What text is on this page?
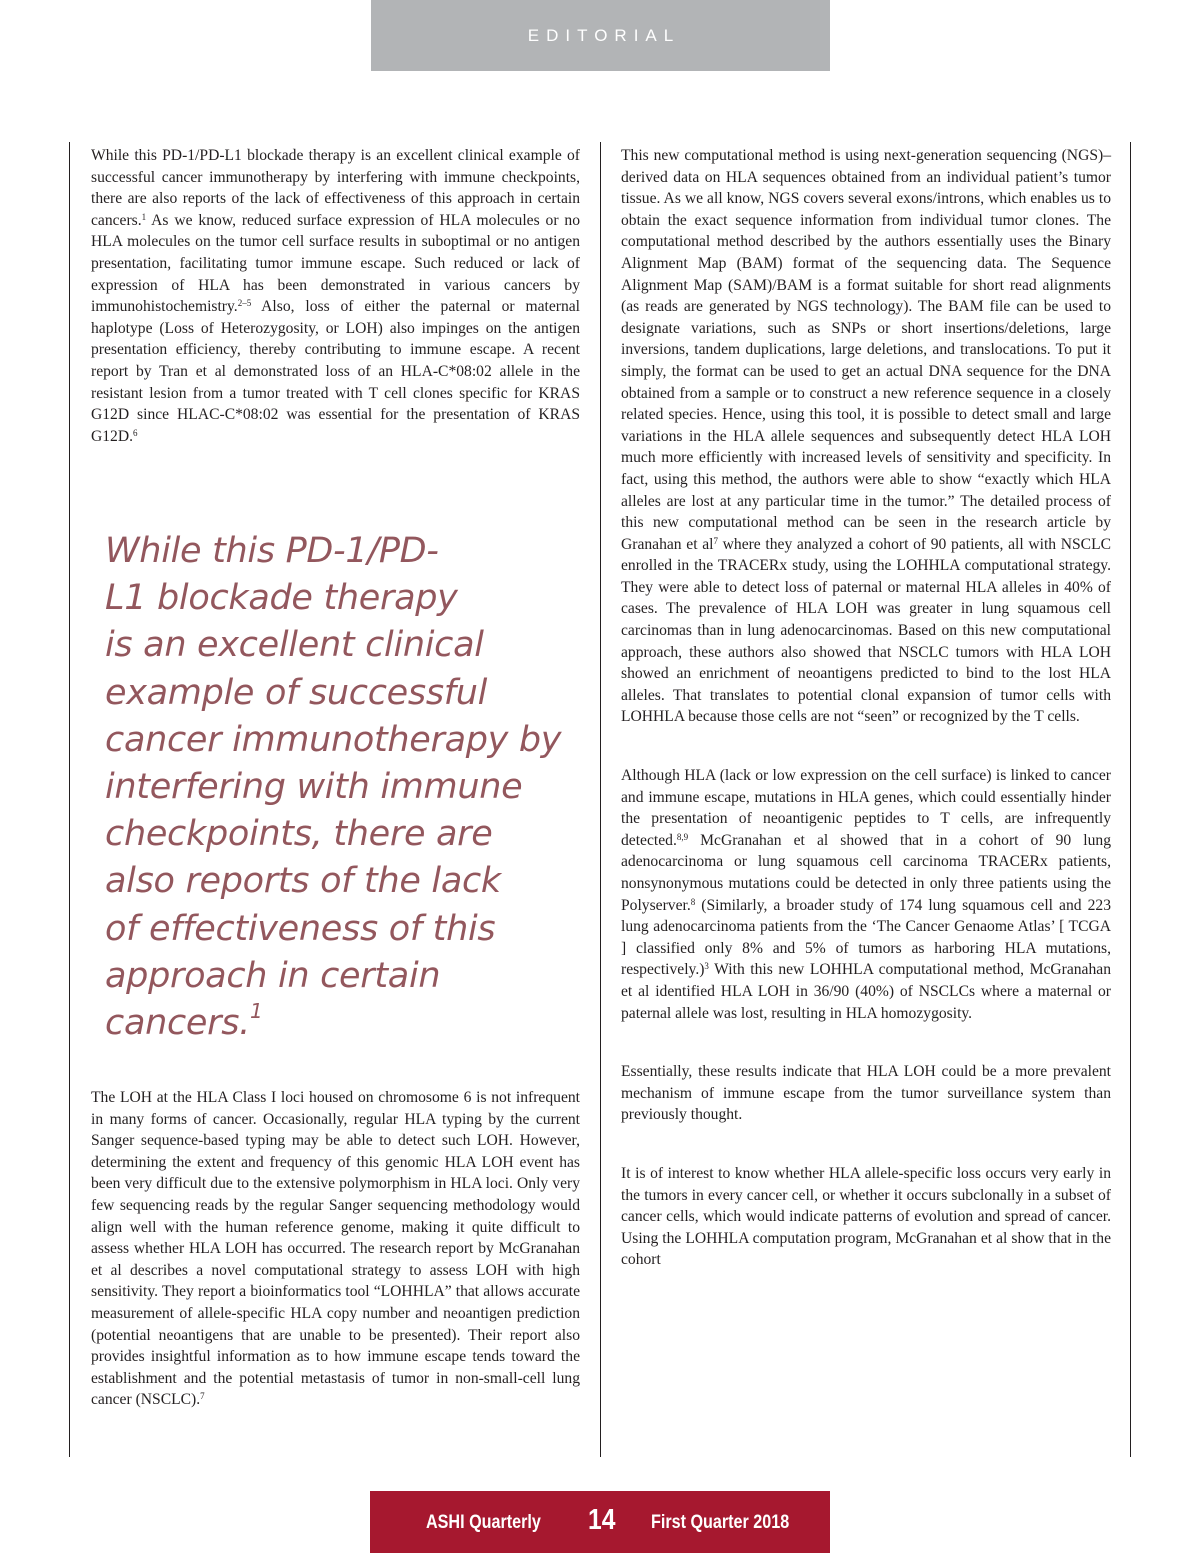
EDITORIAL

While this PD-1/PD-L1 blockade therapy is an excellent clinical example of successful cancer immunotherapy by interfering with immune checkpoints, there are also reports of the lack of effectiveness of this approach in certain cancers.$^1$ As we know, reduced surface expression of HLA molecules or no HLA molecules on the tumor cell surface results in suboptimal or no antigen presentation, facilitating tumor immune escape. Such reduced or lack of expression of HLA has been demonstrated in various cancers by immunohistochemistry.$^{2-5}$ Also, loss of either the paternal or maternal haplotype (Loss of Heterozygosity, or LOH) also impinges on the antigen presentation efficiency, thereby contributing to immune escape. A recent report by Tran et al demonstrated loss of an HLA-C*08:02 allele in the resistant lesion from a tumor treated with T cell clones specific for KRAS G12D since HLAC-C*08:02 was essential for the presentation of KRAS G12D.$^6$

While this PD-1/PD-
L1 blockade therapy
is an excellent clinical
example of successful
cancer immunotherapy by
interfering with immune
checkpoints, there are
also reports of the lack
of effectiveness of this
approach in certain
cancers.$^1$

The LOH at the HLA Class I loci housed on chromosome 6 is not infrequent in many forms of cancer. Occasionally, regular HLA typing by the current Sanger sequence-based typing may be able to detect such LOH. However, determining the extent and frequency of this genomic HLA LOH event has been very difficult due to the extensive polymorphism in HLA loci. Only very few sequencing reads by the regular Sanger sequencing methodology would align well with the human reference genome, making it quite difficult to assess whether HLA LOH has occurred. The research report by McGranahan et al describes a novel computational strategy to assess LOH with high sensitivity. They report a bioinformatics tool “LOHHLA” that allows accurate measurement of allele-specific HLA copy number and neoantigen prediction (potential neoantigens that are unable to be presented). Their report also provides insightful information as to how immune escape tends toward the establishment and the potential metastasis of tumor in non-small-cell lung cancer (NSCLC).$^7$

This new computational method is using next-generation sequencing (NGS)–derived data on HLA sequences obtained from an individual patient’s tumor tissue. As we all know, NGS covers several exons/introns, which enables us to obtain the exact sequence information from individual tumor clones. The computational method described by the authors essentially uses the Binary Alignment Map (BAM) format of the sequencing data. The Sequence Alignment Map (SAM)/BAM is a format suitable for short read alignments (as reads are generated by NGS technology). The BAM file can be used to designate variations, such as SNPs or short insertions/deletions, large inversions, tandem duplications, large deletions, and translocations. To put it simply, the format can be used to get an actual DNA sequence for the DNA obtained from a sample or to construct a new reference sequence in a closely related species. Hence, using this tool, it is possible to detect small and large variations in the HLA allele sequences and subsequently detect HLA LOH much more efficiently with increased levels of sensitivity and specificity. In fact, using this method, the authors were able to show “exactly which HLA alleles are lost at any particular time in the tumor.” The detailed process of this new computational method can be seen in the research article by Granahan et $al^7$ where they analyzed a cohort of 90 patients, all with NSCLC enrolled in the TRACERx study, using the LOHHLA computational strategy. They were able to detect loss of paternal or maternal HLA alleles in 40% of cases. The prevalence of HLA LOH was greater in lung squamous cell carcinomas than in lung adenocarcinomas. Based on this new computational approach, these authors also showed that NSCLC tumors with HLA LOH showed an enrichment of neoantigens predicted to bind to the lost HLA alleles. That translates to potential clonal expansion of tumor cells with LOHHLA because those cells are not “seen” or recognized by the T cells.

Although HLA (lack or low expression on the cell surface) is linked to cancer and immune escape, mutations in HLA genes, which could essentially hinder the presentation of neoantigenic peptides to T cells, are infrequently detected.$^{8,9}$ McGranahan et al showed that in a cohort of 90 lung adenocarcinoma or lung squamous cell carcinoma TRACERx patients, nonsynonymous mutations could be detected in only three patients using the Polyserver.$^8$ (Similarly, a broader study of 174 lung squamous cell and 223 lung adenocarcinoma patients from the ‘The Cancer Genaome Atlas’ [ TCGA ] classified only 8% and 5% of tumors as harboring HLA mutations, respectively.)$^3$ With this new LOHHLA computational method, McGranahan et al identified HLA LOH in 36/90 (40%) of NSCLCs where a maternal or paternal allele was lost, resulting in HLA homozygosity.

Essentially, these results indicate that HLA LOH could be a more prevalent mechanism of immune escape from the tumor surveillance system than previously thought.

It is of interest to know whether HLA allele-specific loss occurs very early in the tumors in every cancer cell, or whether it occurs subclonally in a subset of cancer cells, which would indicate patterns of evolution and spread of cancer. Using the LOHHLA computation program, McGranahan et al show that in the cohort

ASHI Quarterly 14 First Quarter 2018
